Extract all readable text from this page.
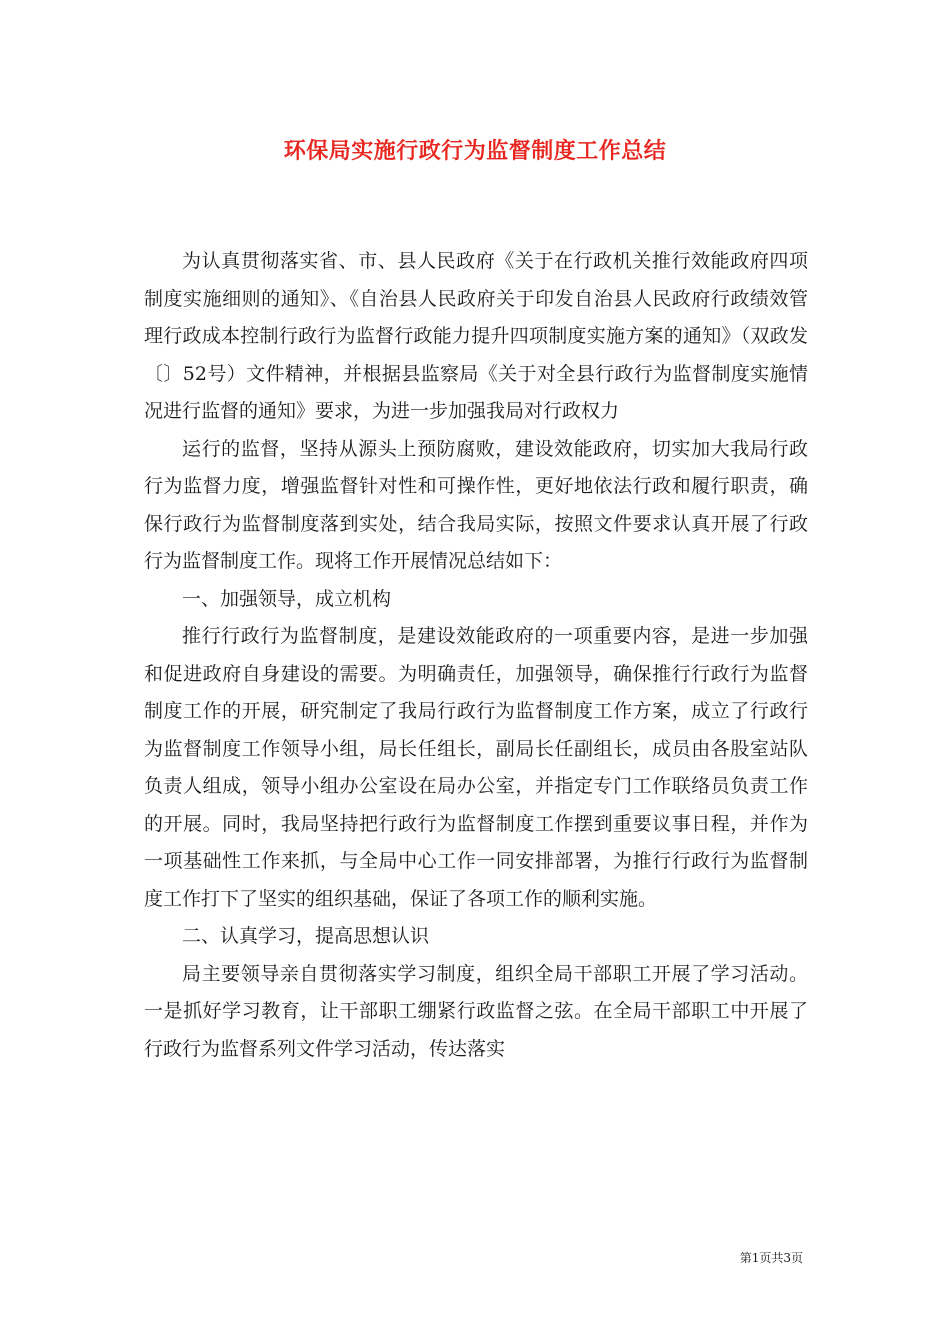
环保局实施行政行为监督制度工作总结

为认真贯彻落实省、市、县人民政府《关于在行政机关推行效能政府四项制度实施细则的通知》、《自治县人民政府关于印发自治县人民政府行政绩效管理行政成本控制行政行为监督行政能力提升四项制度实施方案的通知》（双政发〔〕52号）文件精神，并根据县监察局《关于对全县行政行为监督制度实施情况进行监督的通知》要求，为进一步加强我局对行政权力

运行的监督，坚持从源头上预防腐败，建设效能政府，切实加大我局行政行为监督力度，增强监督针对性和可操作性，更好地依法行政和履行职责，确保行政行为监督制度落到实处，结合我局实际，按照文件要求认真开展了行政行为监督制度工作。现将工作开展情况总结如下：

一、加强领导，成立机构

推行行政行为监督制度，是建设效能政府的一项重要内容，是进一步加强和促进政府自身建设的需要。为明确责任，加强领导，确保推行行政行为监督制度工作的开展，研究制定了我局行政行为监督制度工作方案，成立了行政行为监督制度工作领导小组，局长任组长，副局长任副组长，成员由各股室站队负责人组成，领导小组办公室设在局办公室，并指定专门工作联络员负责工作的开展。同时，我局坚持把行政行为监督制度工作摆到重要议事日程，并作为一项基础性工作来抓，与全局中心工作一同安排部署，为推行行政行为监督制度工作打下了坚实的组织基础，保证了各项工作的顺利实施。

二、认真学习，提高思想认识

局主要领导亲自贯彻落实学习制度，组织全局干部职工开展了学习活动。一是抓好学习教育，让干部职工绷紧行政监督之弦。在全局干部职工中开展了行政行为监督系列文件学习活动，传达落实

第1页共3页
